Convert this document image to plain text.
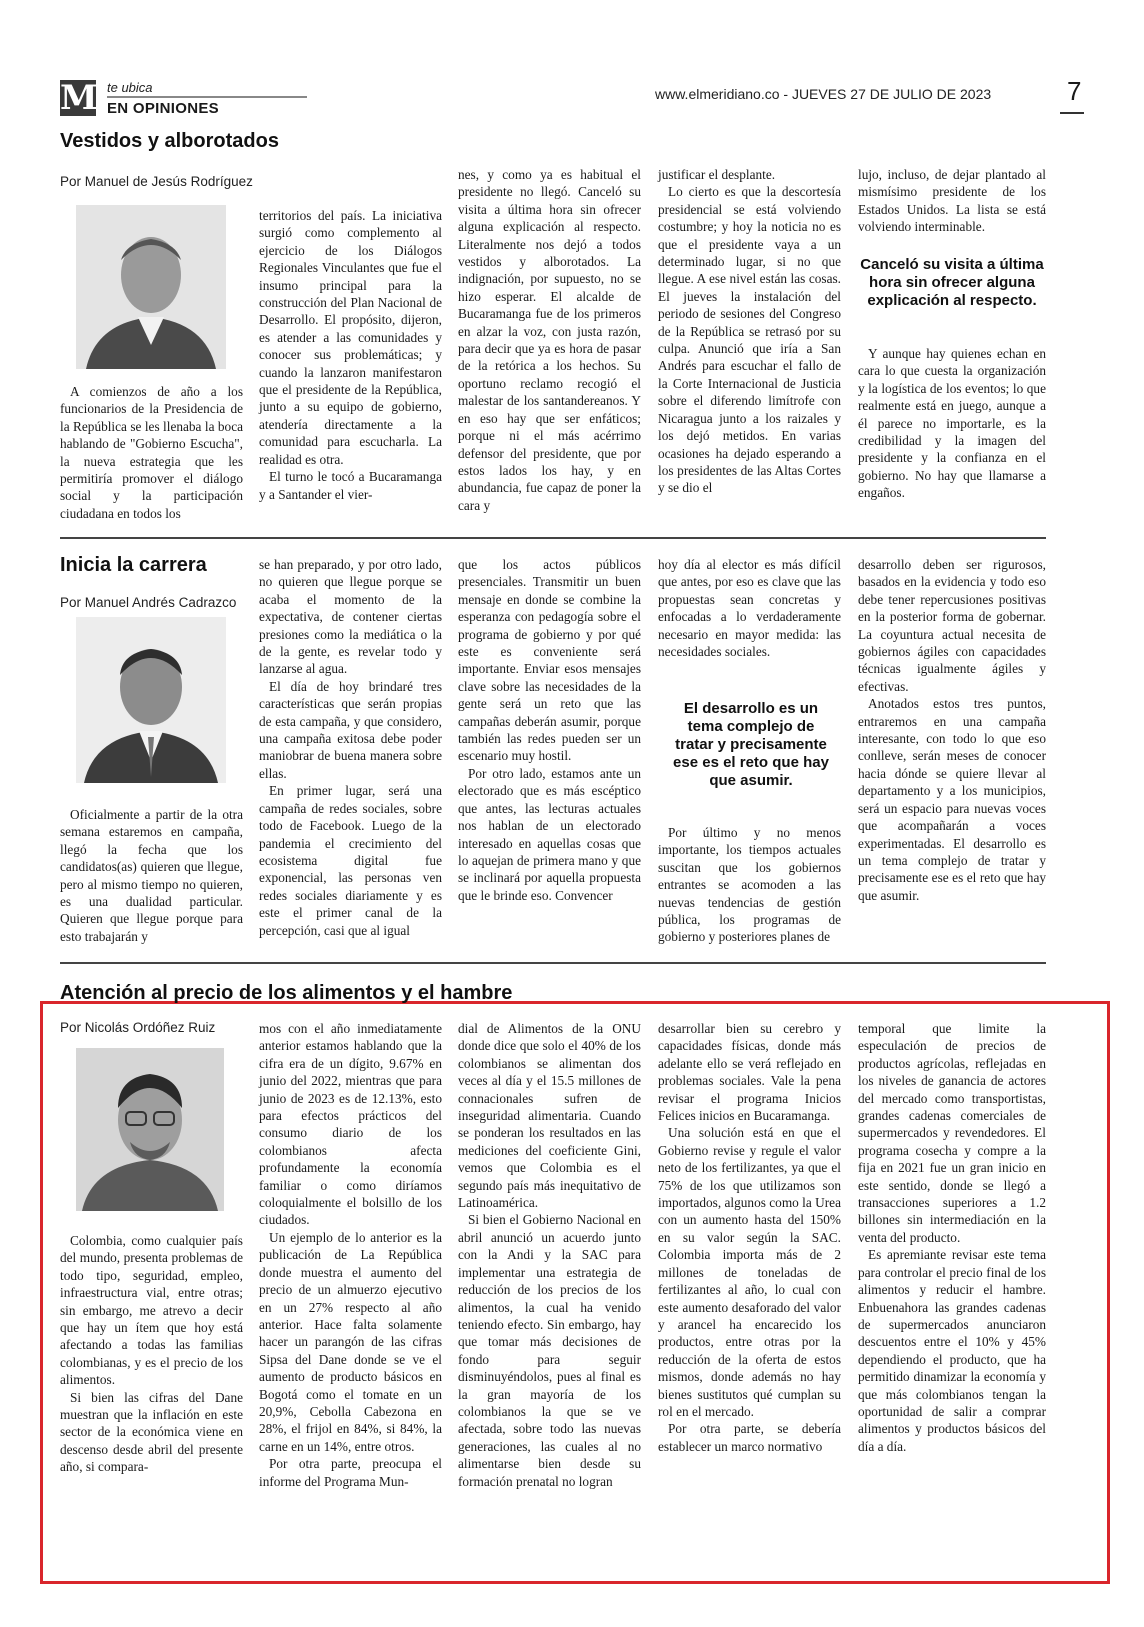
M te ubica
EN OPINIONES
www.elmeridiano.co - JUEVES 27 DE JULIO DE 2023	7
Vestidos y alborotados
Por Manuel de Jesús Rodríguez

A comienzos de año a los funcionarios de la Presidencia de la República se les llenaba la boca hablando de "Gobierno Escucha", la nueva estrategia que les permitiría promover el diálogo social y la participación ciudadana en todos los

territorios del país. La iniciativa surgió como complemento al ejercicio de los Diálogos Regionales Vinculantes que fue el insumo principal para la construcción del Plan Nacional de Desarrollo. El propósito, dijeron, es atender a las comunidades y conocer sus problemáticas; y cuando la lanzaron manifestaron que el presidente de la República, junto a su equipo de gobierno, atendería directamente a la comunidad para escucharla. La realidad es otra.

El turno le tocó a Bucaramanga y a Santander el vier-

nes, y como ya es habitual el presidente no llegó. Canceló su visita a última hora sin ofrecer alguna explicación al respecto. Literalmente nos dejó a todos vestidos y alborotados. La indignación, por supuesto, no se hizo esperar. El alcalde de Bucaramanga fue de los primeros en alzar la voz, con justa razón, para decir que ya es hora de pasar de la retórica a los hechos. Su oportuno reclamo recogió el malestar de los santandereanos. Y en eso hay que ser enfáticos; porque ni el más acérrimo defensor del presidente, que por estos lados los hay, y en abundancia, fue capaz de poner la cara y

justificar el desplante.

Lo cierto es que la descortesía presidencial se está volviendo costumbre; y hoy la noticia no es que el presidente vaya a un determinado lugar, si no que llegue. A ese nivel están las cosas. El jueves la instalación del periodo de sesiones del Congreso de la República se retrasó por su culpa. Anunció que iría a San Andrés para escuchar el fallo de la Corte Internacional de Justicia sobre el diferendo limítrofe con Nicaragua junto a los raizales y los dejó metidos. En varias ocasiones ha dejado esperando a los presidentes de las Altas Cortes y se dio el

lujo, incluso, de dejar plantado al mismísimo presidente de los Estados Unidos. La lista se está volviendo interminable.

Canceló su visita a última hora sin ofrecer alguna explicación al respecto.

Y aunque hay quienes echan en cara lo que cuesta la organización y la logística de los eventos; lo que realmente está en juego, aunque a él parece no importarle, es la credibilidad y la imagen del presidente y la confianza en el gobierno. No hay que llamarse a engaños.

Inicia la carrera
Por Manuel Andrés Cadrazco

Oficialmente a partir de la otra semana estaremos en campaña, llegó la fecha que los candidatos(as) quieren que llegue, pero al mismo tiempo no quieren, es una dualidad particular. Quieren que llegue porque para esto trabajarán y

se han preparado, y por otro lado, no quieren que llegue porque se acaba el momento de la expectativa, de contener ciertas presiones como la mediática o la de la gente, es revelar todo y lanzarse al agua.

El día de hoy brindaré tres características que serán propias de esta campaña, y que considero, una campaña exitosa debe poder maniobrar de buena manera sobre ellas.

En primer lugar, será una campaña de redes sociales, sobre todo de Facebook. Luego de la pandemia el crecimiento del ecosistema digital fue exponencial, las personas ven redes sociales diariamente y es este el primer canal de la percepción, casi que al igual

que los actos públicos presenciales. Transmitir un buen mensaje en donde se combine la esperanza con pedagogía sobre el programa de gobierno y por qué este es conveniente será importante. Enviar esos mensajes clave sobre las necesidades de la gente será un reto que las campañas deberán asumir, porque también las redes pueden ser un escenario muy hostil.

Por otro lado, estamos ante un electorado que es más escéptico que antes, las lecturas actuales nos hablan de un electorado interesado en aquellas cosas que lo aquejan de primera mano y que se inclinará por aquella propuesta que le brinde eso. Convencer

hoy día al elector es más difícil que antes, por eso es clave que las propuestas sean concretas y enfocadas a lo verdaderamente necesario en mayor medida: las necesidades sociales.

El desarrollo es un tema complejo de tratar y precisamente ese es el reto que hay que asumir.

Por último y no menos importante, los tiempos actuales suscitan que los gobiernos entrantes se acomoden a las nuevas tendencias de gestión pública, los programas de gobierno y posteriores planes de

desarrollo deben ser rigurosos, basados en la evidencia y todo eso debe tener repercusiones positivas en la posterior forma de gobernar. La coyuntura actual necesita de gobiernos ágiles con capacidades técnicas igualmente ágiles y efectivas.

Anotados estos tres puntos, entraremos en una campaña interesante, con todo lo que eso conlleve, serán meses de conocer hacia dónde se quiere llevar al departamento y a los municipios, será un espacio para nuevas voces que acompañarán a voces experimentadas. El desarrollo es un tema complejo de tratar y precisamente ese es el reto que hay que asumir.

Atención al precio de los alimentos y el hambre
Por Nicolás Ordóñez Ruiz

Colombia, como cualquier país del mundo, presenta problemas de todo tipo, seguridad, empleo, infraestructura vial, entre otras; sin embargo, me atrevo a decir que hay un ítem que hoy está afectando a todas las familias colombianas, y es el precio de los alimentos.

Si bien las cifras del Dane muestran que la inflación en este sector de la económica viene en descenso desde abril del presente año, si compara-

mos con el año inmediatamente anterior estamos hablando que la cifra era de un dígito, 9.67% en junio del 2022, mientras que para junio de 2023 es de 12.13%, esto para efectos prácticos del consumo diario de los colombianos afecta profundamente la economía familiar o como diríamos coloquialmente el bolsillo de los ciudados.

Un ejemplo de lo anterior es la publicación de La República donde muestra el aumento del precio de un almuerzo ejecutivo en un 27% respecto al año anterior. Hace falta solamente hacer un parangón de las cifras Sipsa del Dane donde se ve el aumento de producto básicos en Bogotá como el tomate en un 20,9%, Cebolla Cabezona en 28%, el frijol en 84%, si 84%, la carne en un 14%, entre otros.

Por otra parte, preocupa el informe del Programa Mun-

dial de Alimentos de la ONU donde dice que solo el 40% de los colombianos se alimentan dos veces al día y el 15.5 millones de connacionales sufren de inseguridad alimentaria. Cuando se ponderan los resultados en las mediciones del coeficiente Gini, vemos que Colombia es el segundo país más inequitativo de Latinoamérica.

Si bien el Gobierno Nacional en abril anunció un acuerdo junto con la Andi y la SAC para implementar una estrategia de reducción de los precios de los alimentos, la cual ha venido teniendo efecto. Sin embargo, hay que tomar más decisiones de fondo para seguir disminuyéndolos, pues al final es la gran mayoría de los colombianos la que se ve afectada, sobre todo las nuevas generaciones, las cuales al no alimentarse bien desde su formación prenatal no logran

desarrollar bien su cerebro y capacidades físicas, donde más adelante ello se verá reflejado en problemas sociales. Vale la pena revisar el programa Inicios Felices inicios en Bucaramanga.

Una solución está en que el Gobierno revise y regule el valor neto de los fertilizantes, ya que el 75% de los que utilizamos son importados, algunos como la Urea con un aumento hasta del 150% en su valor según la SAC. Colombia importa más de 2 millones de toneladas de fertilizantes al año, lo cual con este aumento desaforado del valor y arancel ha encarecido los productos, entre otras por la reducción de la oferta de estos mismos, donde además no hay bienes sustitutos qué cumplan su rol en el mercado.

Por otra parte, se debería establecer un marco normativo

temporal que limite la especulación de precios de productos agrícolas, reflejadas en los niveles de ganancia de actores del mercado como transportistas, grandes cadenas comerciales de supermercados y revendedores. El programa cosecha y compre a la fija en 2021 fue un gran inicio en este sentido, donde se llegó a transacciones superiores a 1.2 billones sin intermediación en la venta del producto.

Es apremiante revisar este tema para controlar el precio final de los alimentos y reducir el hambre. Enbuenahora las grandes cadenas de supermercados anunciaron descuentos entre el 10% y 45% dependiendo el producto, que ha permitido dinamizar la economía y que más colombianos tengan la oportunidad de salir a comprar alimentos y productos básicos del día a día.
